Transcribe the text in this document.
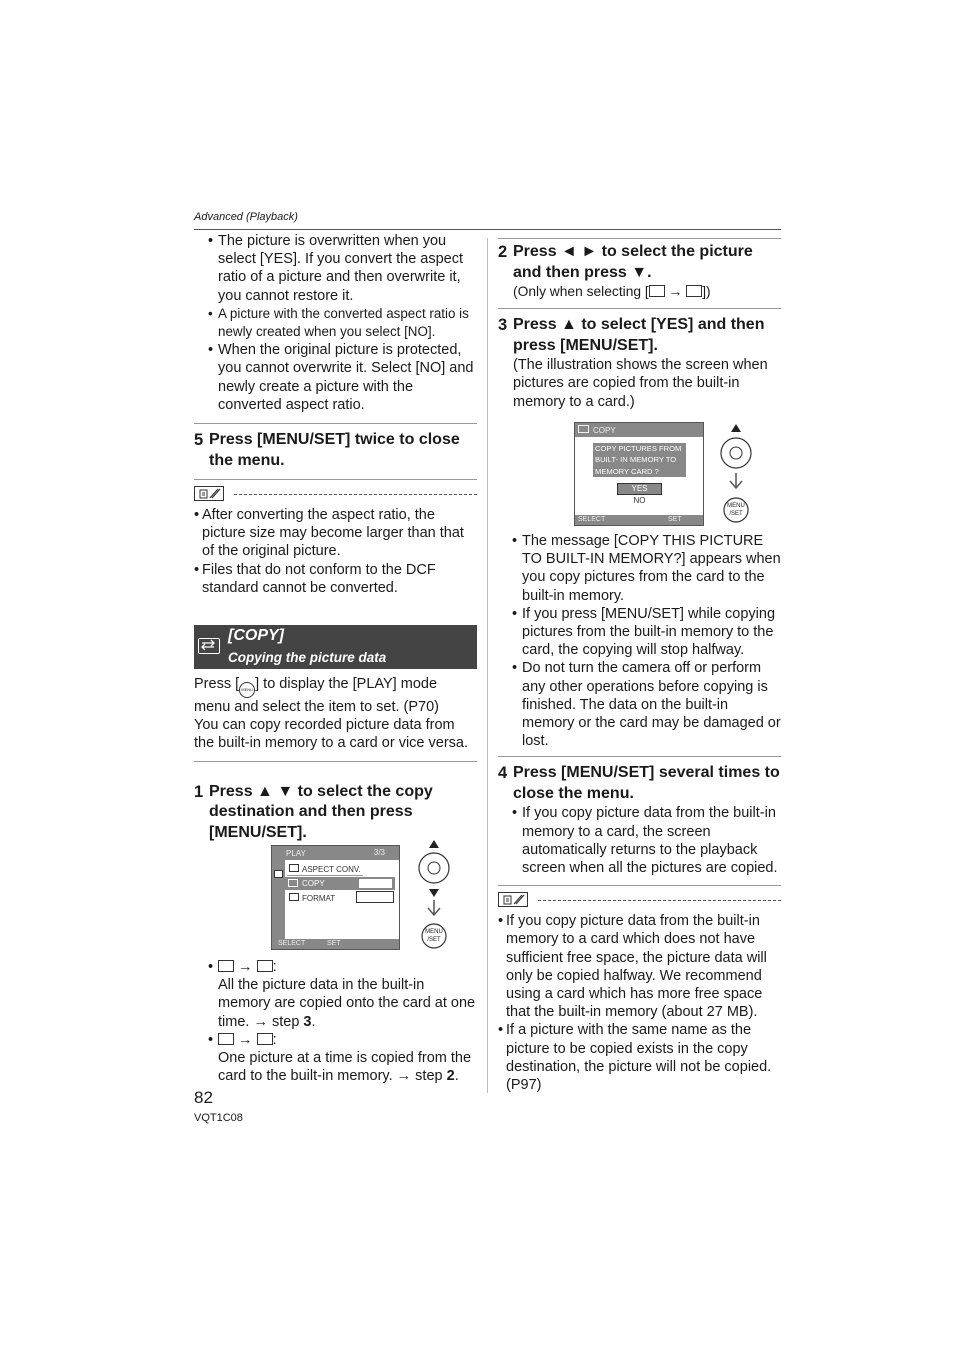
Advanced (Playback)

• The picture is overwritten when you select [YES]. If you convert the aspect ratio of a picture and then overwrite it, you cannot restore it.

• A picture with the converted aspect ratio is newly created when you select [NO].

• When the original picture is protected, you cannot overwrite it. Select [NO] and newly create a picture with the converted aspect ratio.

5 Press [MENU/SET] twice to close the menu.

• After converting the aspect ratio, the picture size may become larger than that of the original picture.

• Files that do not conform to the DCF standard cannot be converted.

[COPY]
Copying the picture data

Press [ MENU ] to display the [PLAY] mode menu and select the item to set. (P70)

You can copy recorded picture data from the built-in memory to a card or vice versa.

1 Press ▲ ▼ to select the copy destination and then press [MENU/SET].

PLAY	3/3
ASPECT CONV.
COPY
FORMAT
SELECT	SET
MENU
/SET

• → :

All the picture data in the built-in memory are copied onto the card at one time. → step 3.

• → :

One picture at a time is copied from the card to the built-in memory. → step 2.

2 Press ◄ ► to select the picture and then press ▼.

(Only when selecting [ → ])

3 Press ▲ to select [YES] and then press [MENU/SET].

(The illustration shows the screen when pictures are copied from the built-in memory to a card.)

COPY
COPY PICTURES FROM
BUILT- IN MEMORY TO
MEMORY CARD ?
YES
NO
SELECT	SET
MENU
/SET

• The message [COPY THIS PICTURE TO BUILT-IN MEMORY?] appears when you copy pictures from the card to the built-in memory.

• If you press [MENU/SET] while copying pictures from the built-in memory to the card, the copying will stop halfway.

• Do not turn the camera off or perform any other operations before copying is finished. The data on the built-in memory or the card may be damaged or lost.

4 Press [MENU/SET] several times to close the menu.

• If you copy picture data from the built-in memory to a card, the screen automatically returns to the playback screen when all the pictures are copied.

• If you copy picture data from the built-in memory to a card which does not have sufficient free space, the picture data will only be copied halfway. We recommend using a card which has more free space that the built-in memory (about 27 MB).

• If a picture with the same name as the picture to be copied exists in the copy destination, the picture will not be copied. (P97)

82
VQT1C08
